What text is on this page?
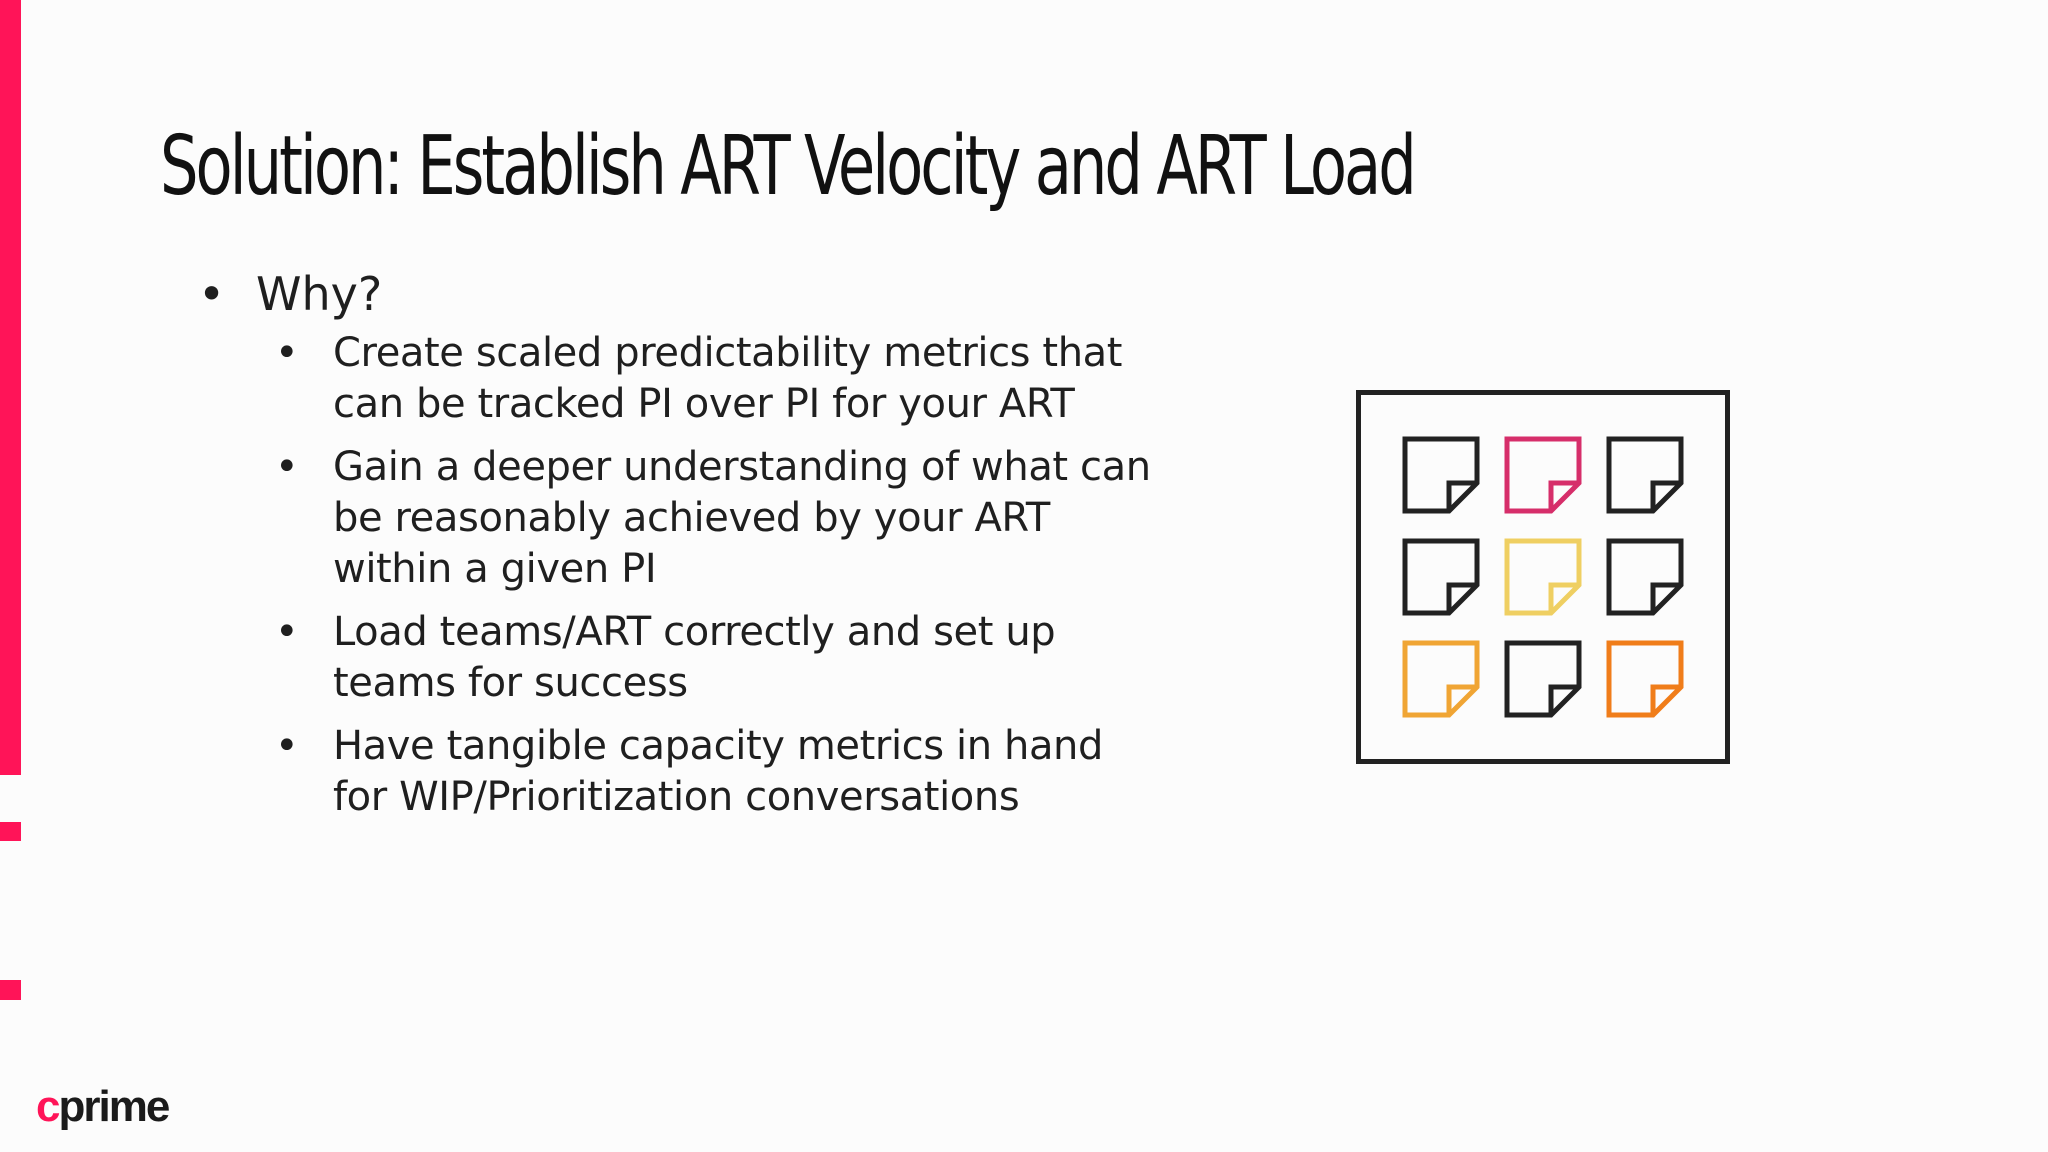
Solution: Establish ART Velocity and ART Load
• Why?
• Create scaled predictability metrics that can be tracked PI over PI for your ART
• Gain a deeper understanding of what can be reasonably achieved by your ART within a given PI
• Load teams/ART correctly and set up teams for success
• Have tangible capacity metrics in hand for WIP/Prioritization conversations
cprime
